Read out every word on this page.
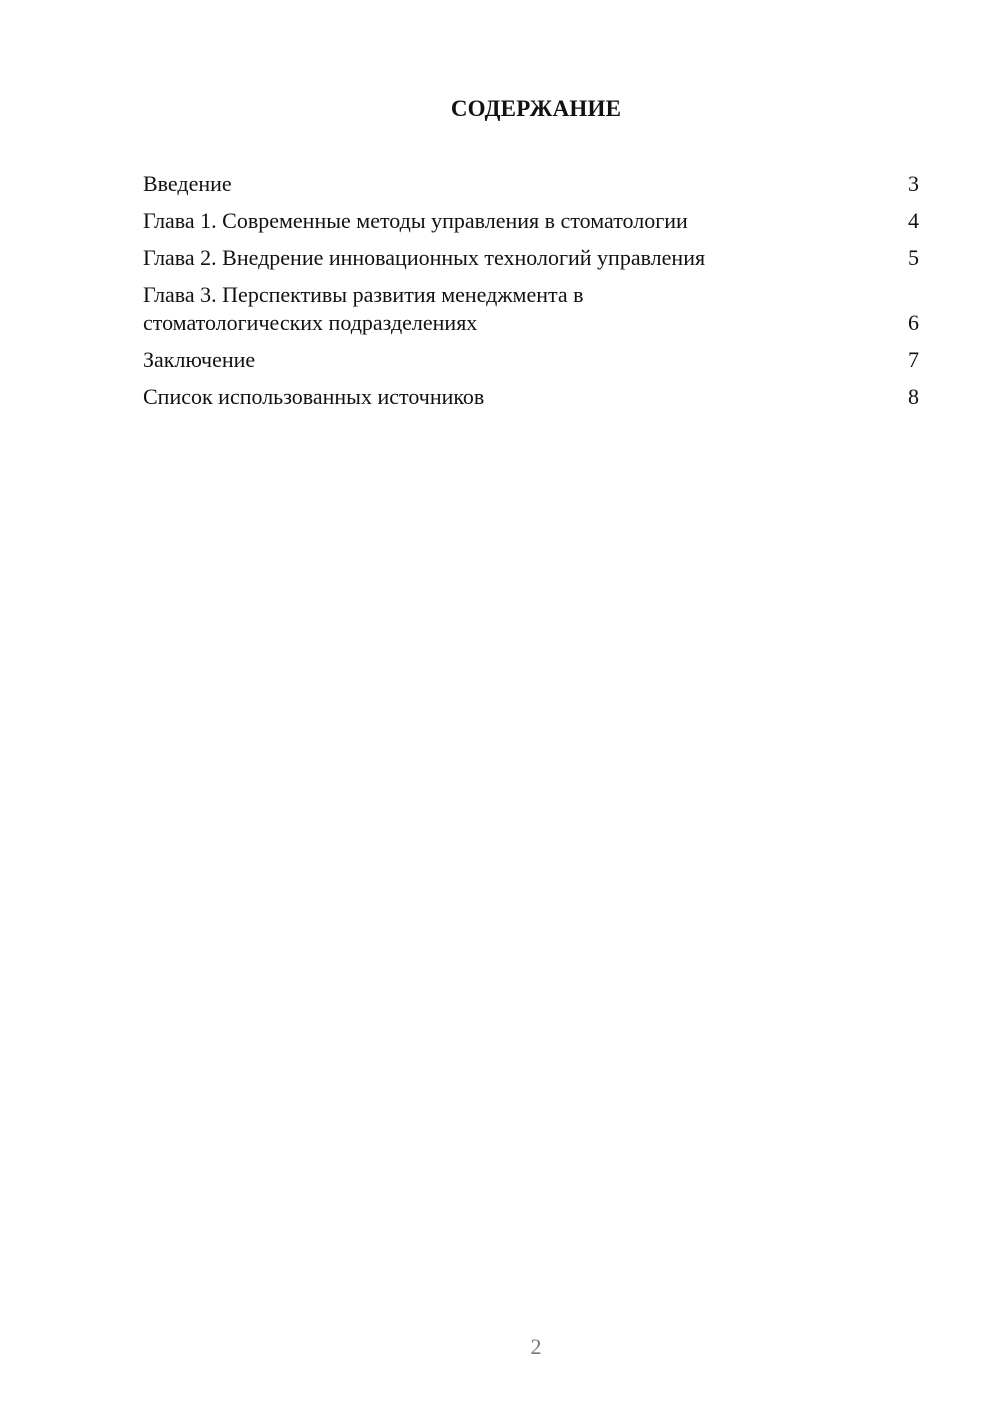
СОДЕРЖАНИЕ
Введение	3
Глава 1. Современные методы управления в стоматологии	4
Глава 2. Внедрение инновационных технологий управления	5
Глава 3. Перспективы развития менеджмента в
стоматологических подразделениях	6
Заключение	7
Список использованных источников	8
2
